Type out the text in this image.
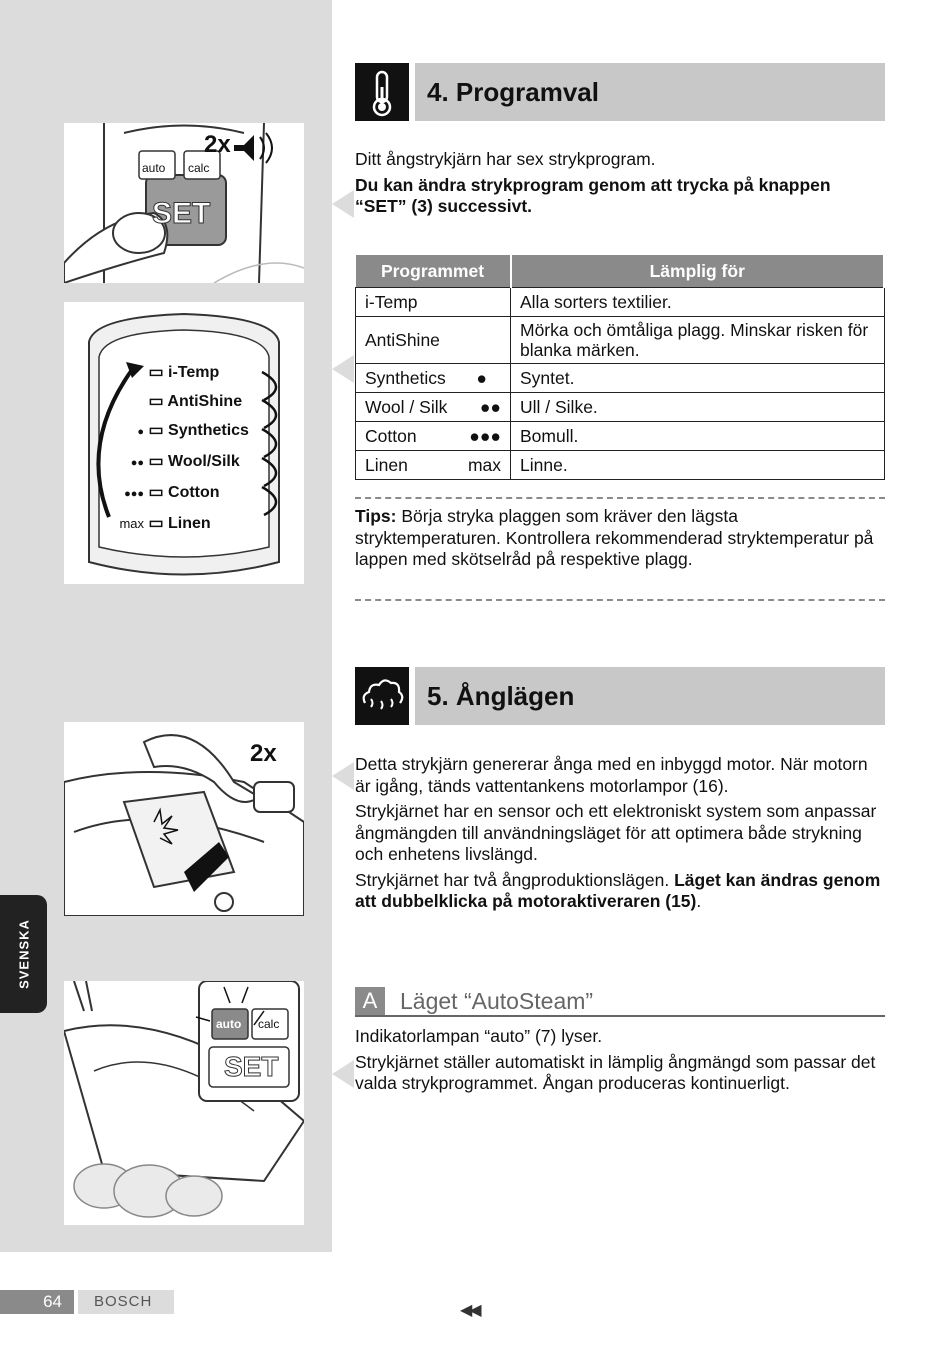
2x
auto calc
SET
▭ i-Temp
▭ AntiShine
● ▭ Synthetics
●● ▭ Wool/Silk
●●● ▭ Cotton
max ▭ Linen
2x
auto calc
SET
SVENSKA
4. Programval

Ditt ångstrykjärn har sex strykprogram.

Du kan ändra strykprogram genom att trycka på knappen “SET” (3) successivt.

Programmet	Lämplig för
i-Temp	Alla sorters textilier.
AntiShine	Mörka och ömtåliga plagg. Minskar risken för blanka märken.
Synthetics ●	Syntet.
Wool / Silk ●●	Ull / Silke.
Cotton ●●●	Bomull.
Linen max	Linne.

Tips: Börja stryka plaggen som kräver den lägsta stryktemperaturen. Kontrollera rekommenderad stryktemperatur på lappen med skötselråd på respektive plagg.

5. Ånglägen

Detta strykjärn genererar ånga med en inbyggd motor. När motorn är igång, tänds vattentankens motorlampor (16).

Strykjärnet har en sensor och ett elektroniskt system som anpassar ångmängden till användningsläget för att optimera både strykning och enhetens livslängd.

Strykjärnet har två ångproduktionslägen. Läget kan ändras genom att dubbelklicka på motoraktiveraren (15).

A Läget “AutoSteam”

Indikatorlampan “auto” (7) lyser.

Strykjärnet ställer automatiskt in lämplig ångmängd som passar det valda strykprogrammet. Ångan produceras kontinuerligt.

64	BOSCH
◀◀
